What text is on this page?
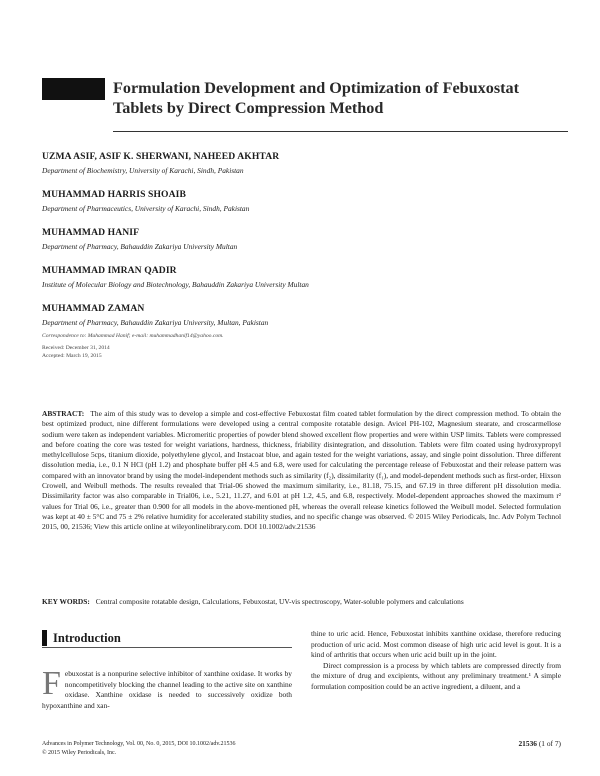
Formulation Development and Optimization of Febuxostat Tablets by Direct Compression Method
UZMA ASIF, ASIF K. SHERWANI, NAHEED AKHTAR
Department of Biochemistry, University of Karachi, Sindh, Pakistan
MUHAMMAD HARRIS SHOAIB
Department of Pharmaceutics, University of Karachi, Sindh, Pakistan
MUHAMMAD HANIF
Department of Pharmacy, Bahauddin Zakariya University Multan
MUHAMMAD IMRAN QADIR
Institute of Molecular Biology and Biotechnology, Bahauddin Zakariya University Multan
MUHAMMAD ZAMAN
Department of Pharmacy, Bahauddin Zakariya University, Multan, Pakistan
Correspondence to: Muhammad Hanif; e-mail: muhammadhanif14@yahoo.com.
Received: December 31, 2014
Accepted: March 19, 2015
ABSTRACT: The aim of this study was to develop a simple and cost-effective Febuxostat film coated tablet formulation by the direct compression method. To obtain the best optimized product, nine different formulations were developed using a central composite rotatable design. Avicel PH-102, Magnesium stearate, and croscarmellose sodium were taken as independent variables. Micromeritic properties of powder blend showed excellent flow properties and were within USP limits. Tablets were compressed and before coating the core was tested for weight variations, hardness, thickness, friability disintegration, and dissolution. Tablets were film coated using hydroxypropyl methylcellulose 5cps, titanium dioxide, polyethylene glycol, and Instacoat blue, and again tested for the weight variations, assay, and single point dissolution. Three different dissolution media, i.e., 0.1 N HCl (pH 1.2) and phosphate buffer pH 4.5 and 6.8, were used for calculating the percentage release of Febuxostat and their release pattern was compared with an innovator brand by using the model-independent methods such as similarity (f₂), dissimilarity (f₁), and model-dependent methods such as first-order, Hixson Crowell, and Weibull methods. The results revealed that Trial-06 showed the maximum similarity, i.e., 81.18, 75.15, and 67.19 in three different pH dissolution media. Dissimilarity factor was also comparable in Trial06, i.e., 5.21, 11.27, and 6.01 at pH 1.2, 4.5, and 6.8, respectively. Model-dependent approaches showed the maximum r² values for Trial 06, i.e., greater than 0.900 for all models in the above-mentioned pH, whereas the overall release kinetics followed the Weibull model. Selected formulation was kept at 40 ± 5°C and 75 ± 2% relative humidity for accelerated stability studies, and no specific change was observed. © 2015 Wiley Periodicals, Inc. Adv Polym Technol 2015, 00, 21536; View this article online at wileyonlinelibrary.com. DOI 10.1002/adv.21536
KEY WORDS: Central composite rotatable design, Calculations, Febuxostat, UV-vis spectroscopy, Water-soluble polymers and calculations
Introduction
Febuxostat is a nonpurine selective inhibitor of xanthine oxidase. It works by noncompetitively blocking the channel leading to the active site on xanthine oxidase. Xanthine oxidase is needed to successively oxidize both hypoxanthine and xan-

thine to uric acid. Hence, Febuxostat inhibits xanthine oxidase, therefore reducing production of uric acid. Most common disease of high uric acid level is gout. It is a kind of arthritis that occurs when uric acid built up in the joint.

Direct compression is a process by which tablets are compressed directly from the mixture of drug and excipients, without any preliminary treatment.¹ A simple formulation composition could be an active ingredient, a diluent, and a

Advances in Polymer Technology, Vol. 00, No. 0, 2015, DOI 10.1002/adv.21536
© 2015 Wiley Periodicals, Inc.
21536 (1 of 7)
